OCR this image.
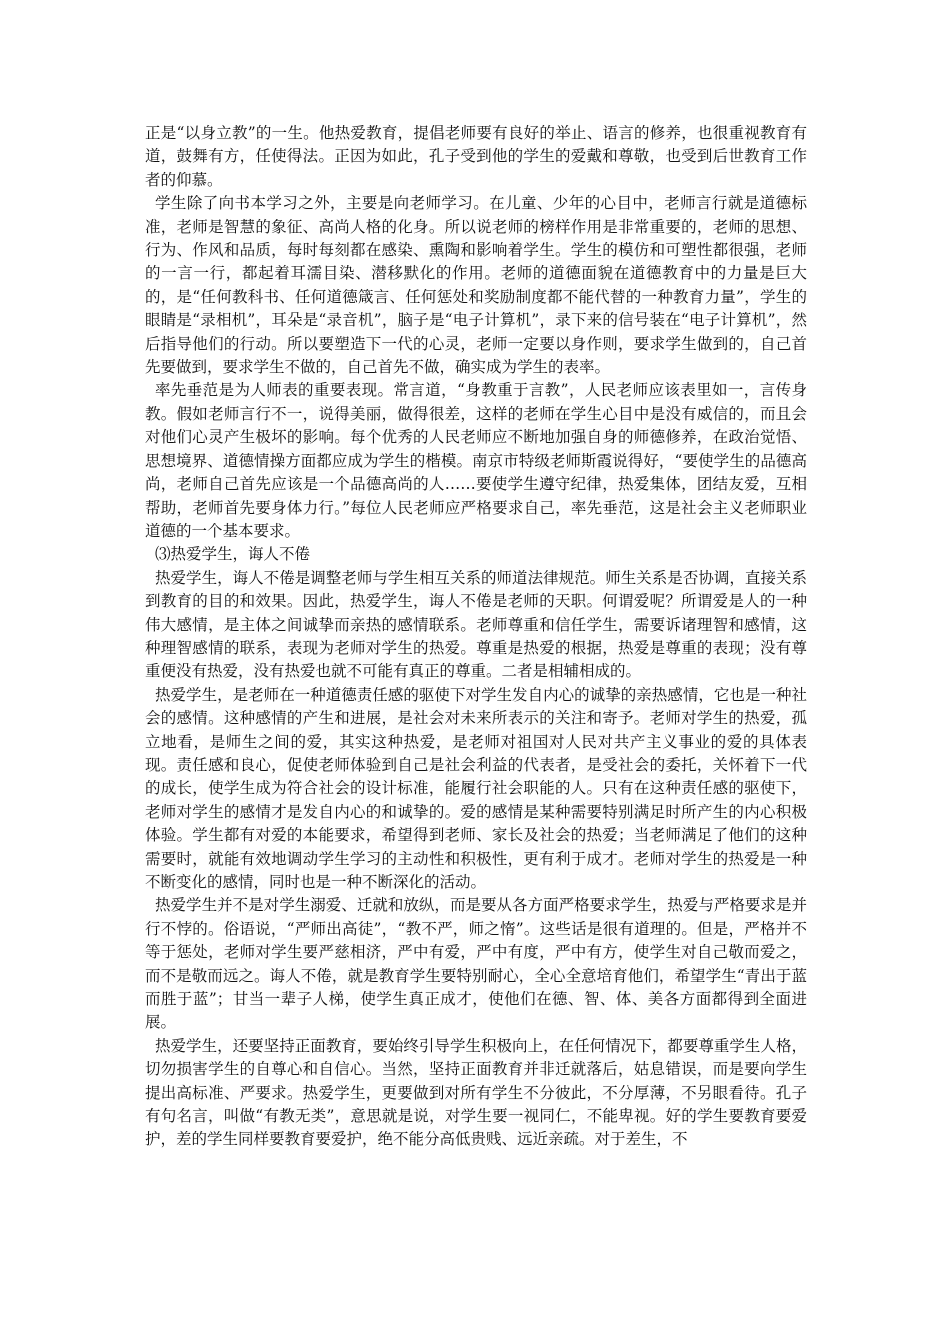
正是“以身立教”的一生。他热爱教育，提倡老师要有良好的举止、语言的修养，也很重视教育有道，鼓舞有方，任使得法。正因为如此，孔子受到他的学生的爱戴和尊敬，也受到后世教育工作者的仰慕。

学生除了向书本学习之外，主要是向老师学习。在儿童、少年的心目中，老师言行就是道德标准，老师是智慧的象征、高尚人格的化身。所以说老师的榜样作用是非常重要的，老师的思想、行为、作风和品质，每时每刻都在感染、熏陶和影响着学生。学生的模仿和可塑性都很强，老师的一言一行，都起着耳濡目染、潜移默化的作用。老师的道德面貌在道德教育中的力量是巨大的，是“任何教科书、任何道德箴言、任何惩处和奖励制度都不能代替的一种教育力量”，学生的眼睛是“录相机”，耳朵是“录音机”，脑子是“电子计算机”，录下来的信号装在“电子计算机”，然后指导他们的行动。所以要塑造下一代的心灵，老师一定要以身作则，要求学生做到的，自己首先要做到，要求学生不做的，自己首先不做，确实成为学生的表率。

率先垂范是为人师表的重要表现。常言道，“身教重于言教”，人民老师应该表里如一，言传身教。假如老师言行不一，说得美丽，做得很差，这样的老师在学生心目中是没有威信的，而且会对他们心灵产生极坏的影响。每个优秀的人民老师应不断地加强自身的师德修养，在政治觉悟、思想境界、道德情操方面都应成为学生的楷模。南京市特级老师斯霞说得好，“要使学生的品德高尚，老师自己首先应该是一个品德高尚的人……要使学生遵守纪律，热爱集体，团结友爱，互相帮助，老师首先要身体力行。”每位人民老师应严格要求自己，率先垂范，这是社会主义老师职业道德的一个基本要求。

⑶热爱学生，诲人不倦

热爱学生，诲人不倦是调整老师与学生相互关系的师道法律规范。师生关系是否协调，直接关系到教育的目的和效果。因此，热爱学生，诲人不倦是老师的天职。何谓爱呢？所谓爱是人的一种伟大感情，是主体之间诚挚而亲热的感情联系。老师尊重和信任学生，需要诉诸理智和感情，这种理智感情的联系，表现为老师对学生的热爱。尊重是热爱的根据，热爱是尊重的表现；没有尊重便没有热爱，没有热爱也就不可能有真正的尊重。二者是相辅相成的。

热爱学生，是老师在一种道德责任感的驱使下对学生发自内心的诚挚的亲热感情，它也是一种社会的感情。这种感情的产生和进展，是社会对未来所表示的关注和寄予。老师对学生的热爱，孤立地看，是师生之间的爱，其实这种热爱，是老师对祖国对人民对共产主义事业的爱的具体表现。责任感和良心，促使老师体验到自己是社会利益的代表者，是受社会的委托，关怀着下一代的成长，使学生成为符合社会的设计标准，能履行社会职能的人。只有在这种责任感的驱使下，老师对学生的感情才是发自内心的和诚挚的。爱的感情是某种需要特别满足时所产生的内心积极体验。学生都有对爱的本能要求，希望得到老师、家长及社会的热爱；当老师满足了他们的这种需要时，就能有效地调动学生学习的主动性和积极性，更有利于成才。老师对学生的热爱是一种不断变化的感情，同时也是一种不断深化的活动。

热爱学生并不是对学生溺爱、迁就和放纵，而是要从各方面严格要求学生，热爱与严格要求是并行不悖的。俗语说，“严师出高徒”，“教不严，师之惰”。这些话是很有道理的。但是，严格并不等于惩处，老师对学生要严慈相济，严中有爱，严中有度，严中有方，使学生对自己敬而爱之，而不是敬而远之。诲人不倦，就是教育学生要特别耐心，全心全意培育他们，希望学生“青出于蓝而胜于蓝”；甘当一辈子人梯，使学生真正成才，使他们在德、智、体、美各方面都得到全面进展。

热爱学生，还要坚持正面教育，要始终引导学生积极向上，在任何情况下，都要尊重学生人格，切勿损害学生的自尊心和自信心。当然，坚持正面教育并非迁就落后，姑息错误，而是要向学生提出高标准、严要求。热爱学生，更要做到对所有学生不分彼此，不分厚薄，不另眼看待。孔子有句名言，叫做“有教无类”，意思就是说，对学生要一视同仁，不能卑视。好的学生要教育要爱护，差的学生同样要教育要爱护，绝不能分高低贵贱、远近亲疏。对于差生，不
